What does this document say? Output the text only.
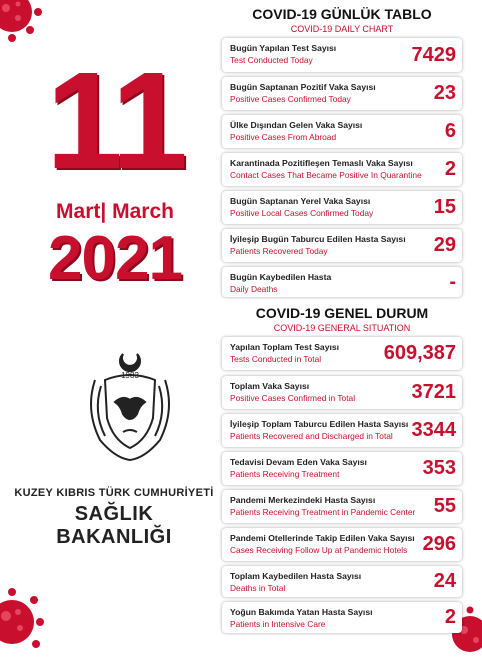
11
Mart| March
2021
1983
KUZEY KIBRIS TÜRK CUMHURİYETİ
SAĞLIK BAKANLIĞI
COVID-19 GÜNLÜK TABLO
COVID-19 DAILY CHART
Bugün Yapılan Test Sayısı
Test Conducted Today	7429
Bugün Saptanan Pozitif Vaka Sayısı
Positive Cases Confirmed Today	23
Ülke Dışından Gelen Vaka Sayısı
Positive Cases From Abroad	6
Karantinada Pozitifleşen Temaslı Vaka Sayısı
Contact Cases That Became Positive In Quarantine 2
Bugün Saptanan Yerel Vaka Sayısı
Positive Local Cases Confirmed Today	15
İyileşip Bugün Taburcu Edilen Hasta Sayısı
Patients Recovered Today	29
Bugün Kaybedilen Hasta
Daily Deaths	-
COVID-19 GENEL DURUM
COVID-19 GENERAL SITUATION
Yapılan Toplam Test Sayısı
Tests Conducted in Total	609,387
Toplam Vaka Sayısı
Positive Cases Confirmed in Total	3721
İyileşip Toplam Taburcu Edilen Hasta Sayısı
Patients Recovered and Discharged in Total 3344
Tedavisi Devam Eden Vaka Sayısı
Patients Receiving Treatment	353
Pandemi Merkezindeki Hasta Sayısı
Patients Receiving Treatment in Pandemic Center 55
Pandemi Otellerinde Takip Edilen Vaka Sayısı
Cases Receiving Follow Up at Pandemic Hotels 296
Toplam Kaybedilen Hasta Sayısı
Deaths in Total	24
Yoğun Bakımda Yatan Hasta Sayısı
Patients in Intensive Care	2
